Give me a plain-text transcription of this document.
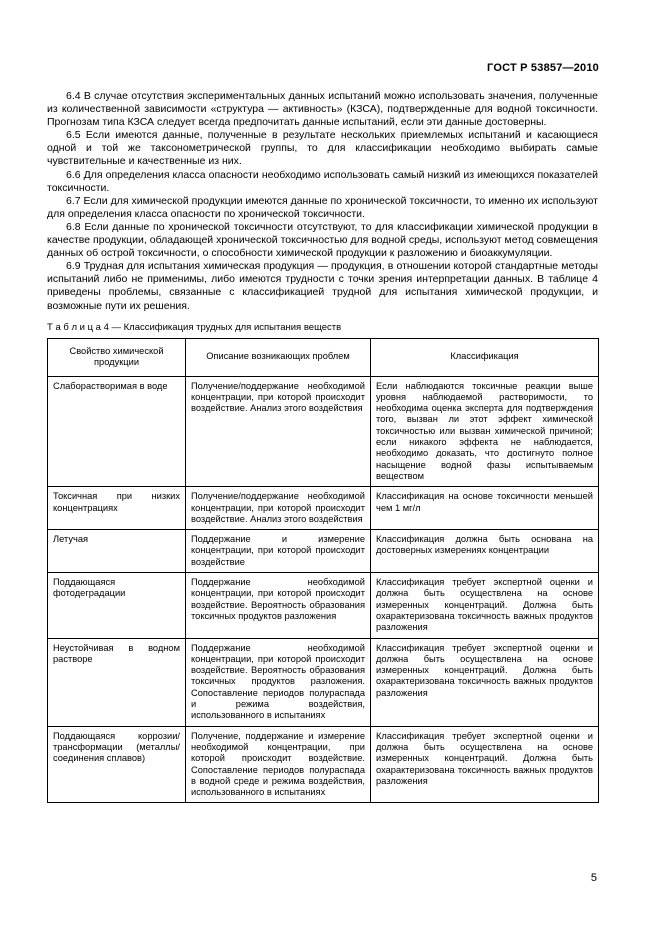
ГОСТ Р 53857—2010

6.4 В случае отсутствия экспериментальных данных испытаний можно использовать значения, полученные из количественной зависимости «структура — активность» (КЗСА), подтвержденные для водной токсичности. Прогнозам типа КЗСА следует всегда предпочитать данные испытаний, если эти данные достоверны.

6.5 Если имеются данные, полученные в результате нескольких приемлемых испытаний и касающиеся одной и той же таксонометрической группы, то для классификации необходимо выбирать самые чувствительные и качественные из них.

6.6 Для определения класса опасности необходимо использовать самый низкий из имеющихся показателей токсичности.

6.7 Если для химической продукции имеются данные по хронической токсичности, то именно их используют для определения класса опасности по хронической токсичности.

6.8 Если данные по хронической токсичности отсутствуют, то для классификации химической продукции в качестве продукции, обладающей хронической токсичностью для водной среды, используют метод совмещения данных об острой токсичности, о способности химической продукции к разложению и биоаккумуляции.

6.9 Трудная для испытания химическая продукция — продукция, в отношении которой стандартные методы испытаний либо не применимы, либо имеются трудности с точки зрения интерпретации данных. В таблице 4 приведены проблемы, связанные с классификацией трудной для испытания химической продукции, и возможные пути их решения.

Т а б л и ц а 4 — Классификация трудных для испытания веществ
Свойство химической продукции	Описание возникающих проблем	Классификация
Слаборастворимая в воде	Получение/поддержание необходимой концентрации, при которой происходит воздействие. Анализ этого воздействия	Если наблюдаются токсичные реакции выше уровня наблюдаемой растворимости, то необходима оценка эксперта для подтверждения того, вызван ли этот эффект химической токсичностью или вызван химической причиной; если никакого эффекта не наблюдается, необходимо доказать, что достигнуто полное насыщение водной фазы испытываемым веществом
Токсичная при низких концентрациях	Получение/поддержание необходимой концентрации, при которой происходит воздействие. Анализ этого воздействия	Классификация на основе токсичности меньшей чем 1 мг/л
Летучая	Поддержание и измерение концентрации, при которой происходит воздействие	Классификация должна быть основана на достоверных измерениях концентрации
Поддающаяся фотодеградации	Поддержание необходимой концентрации, при которой происходит воздействие. Вероятность образования токсичных продуктов разложения	Классификация требует экспертной оценки и должна быть осуществлена на основе измеренных концентраций. Должна быть охарактеризована токсичность важных продуктов разложения
Неустойчивая в водном растворе	Поддержание необходимой концентрации, при которой происходит воздействие. Вероятность образования токсичных продуктов разложения. Сопоставление периодов полураспада и режима воздействия, использованного в испытаниях	Классификация требует экспертной оценки и должна быть осуществлена на основе измеренных концентраций. Должна быть охарактеризована токсичность важных продуктов разложения
Поддающаяся коррозии/трансформации (металлы/соединения сплавов)	Получение, поддержание и измерение необходимой концентрации, при которой происходит воздействие. Сопоставление периодов полураспада в водной среде и режима воздействия, использованного в испытаниях	Классификация требует экспертной оценки и должна быть осуществлена на основе измеренных концентраций. Должна быть охарактеризована токсичность важных продуктов разложения
5
